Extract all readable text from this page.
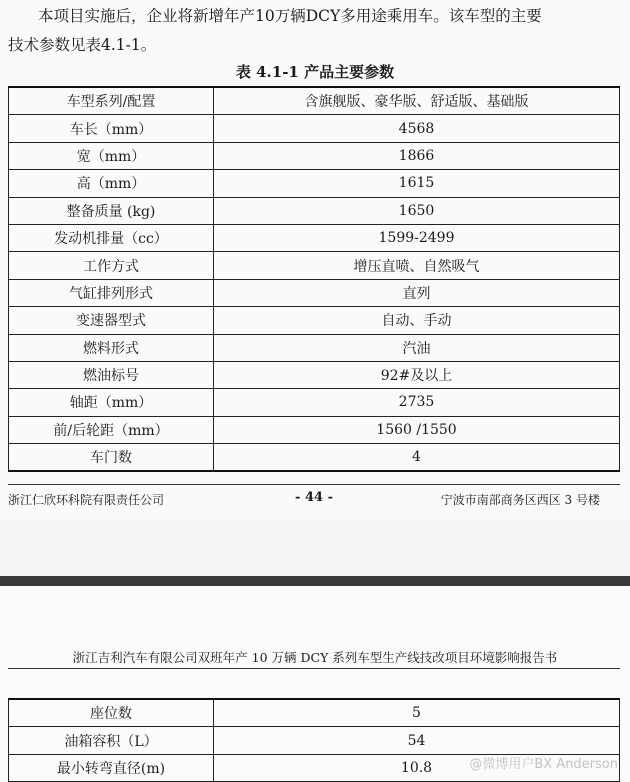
本项目实施后，企业将新增年产10万辆DCY多用途乘用车。该车型的主要

技术参数见表4.1-1。

表 4.1-1 产品主要参数
车型系列/配置	含旗舰版、豪华版、舒适版、基础版
车长（mm）	4568
宽（mm）	1866
高（mm）	1615
整备质量 (kg)	1650
发动机排量（cc）	1599-2499
工作方式	增压直喷、自然吸气
气缸排列形式	直列
变速器型式	自动、手动
燃料形式	汽油
燃油标号	92#及以上
轴距（mm）	2735
前/后轮距（mm）	1560 /1550
车门数	4
浙江仁欣环科院有限责任公司	- 44 -	宁波市南部商务区西区 3 号楼
浙江吉利汽车有限公司双班年产 10 万辆 DCY 系列车型生产线技改项目环境影响报告书
座位数	5
油箱容积（L）	54
最小转弯直径(m)	10.8	@微博用户BX Anderson
